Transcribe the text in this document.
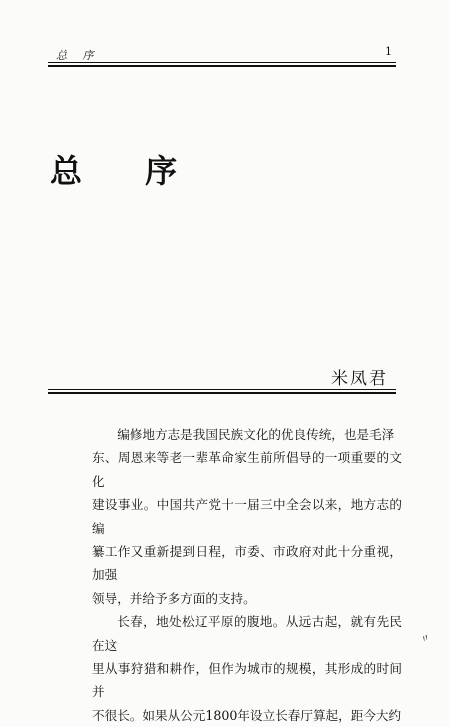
总 序	1
总 序
米凤君
编修地方志是我国民族文化的优良传统，也是毛泽
东、周恩来等老一辈革命家生前所倡导的一项重要的文化
建设事业。中国共产党十一届三中全会以来，地方志的编
纂工作又重新提到日程，市委、市政府对此十分重视，加强
领导，并给予多方面的支持。
长春，地处松辽平原的腹地。从远古起，就有先民在这
里从事狩猎和耕作，但作为城市的规模，其形成的时间并
不很长。如果从公元1800年设立长春厅算起，距今大约
〃
